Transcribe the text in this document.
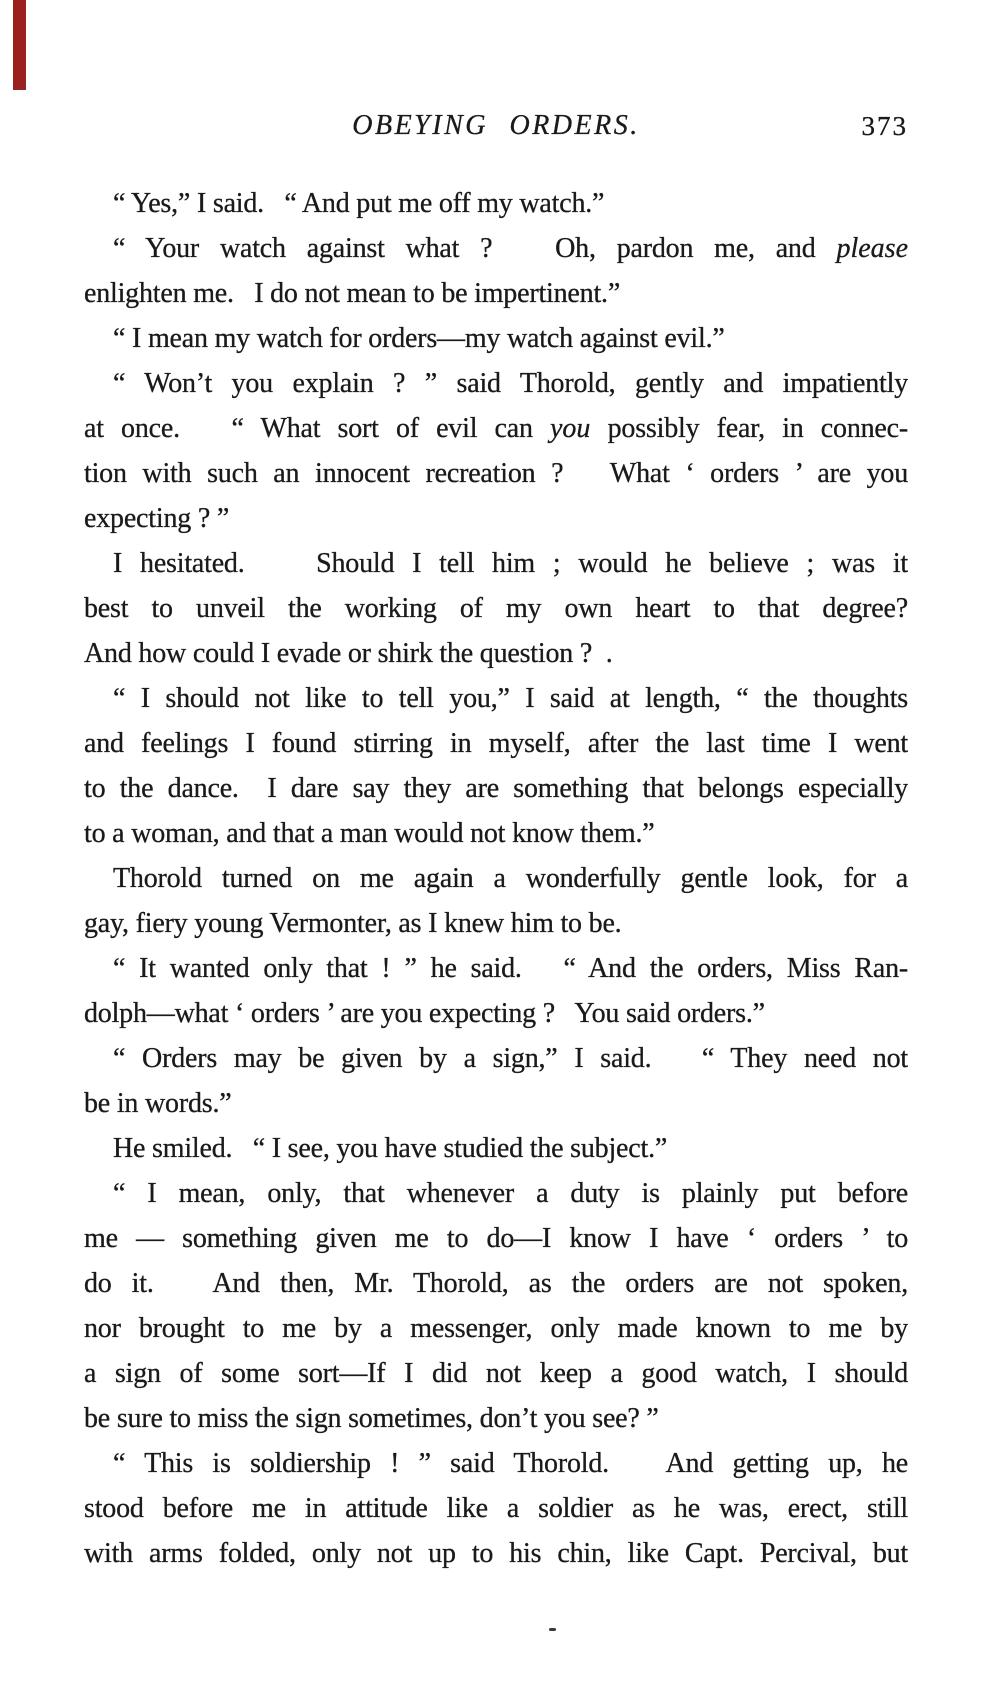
OBEYING ORDERS.	373
“ Yes,” I said.   “ And put me off my watch.”
“ Your watch against what ?   Oh, pardon me, and please
enlighten me.   I do not mean to be impertinent.”
“ I mean my watch for orders—my watch against evil.”
“ Won’t you explain ? ” said Thorold, gently and impatiently
at once.   “ What sort of evil can you possibly fear, in connec-
tion with such an innocent recreation ?   What ‘ orders ’ are you
expecting ? ”
I hesitated.    Should I tell him ; would he believe ; was it
best to unveil the working of my own heart to that degree?
And how could I evade or shirk the question ?  .
“ I should not like to tell you,” I said at length, “ the thoughts
and feelings I found stirring in myself, after the last time I went
to the dance.  I dare say they are something that belongs especially
to a woman, and that a man would not know them.”
Thorold turned on me again a wonderfully gentle look, for a
gay, fiery young Vermonter, as I knew him to be.
“ It wanted only that ! ” he said.   “ And the orders, Miss Ran-
dolph—what ‘ orders ’ are you expecting ?   You said orders.”
“ Orders may be given by a sign,” I said.   “ They need not
be in words.”
He smiled.   “ I see, you have studied the subject.”
“ I mean, only, that whenever a duty is plainly put before
me — something given me to do—I know I have ‘ orders ’ to
do it.   And then, Mr. Thorold, as the orders are not spoken,
nor brought to me by a messenger, only made known to me by
a sign of some sort—If I did not keep a good watch, I should
be sure to miss the sign sometimes, don’t you see? ”
“ This is soldiership ! ” said Thorold.   And getting up, he
stood before me in attitude like a soldier as he was, erect, still
with arms folded, only not up to his chin, like Capt. Percival, but
